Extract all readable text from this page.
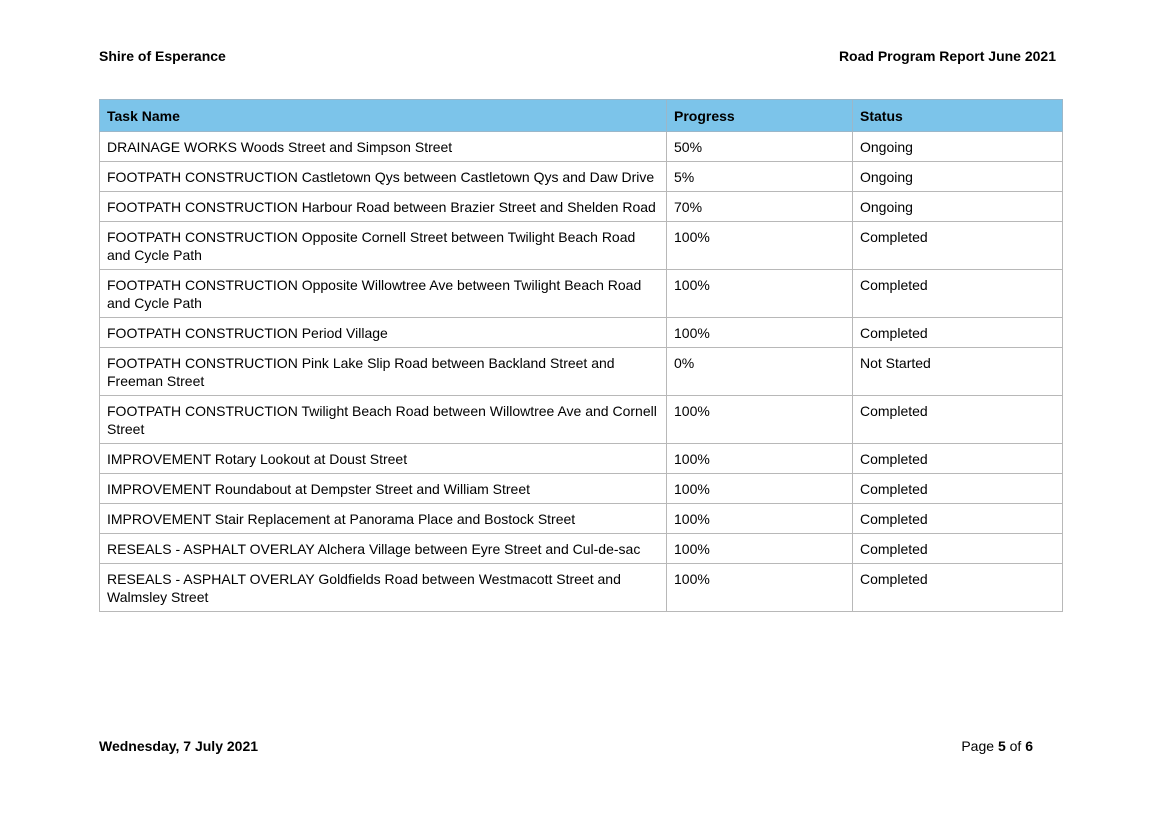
Shire of Esperance	Road Program Report June 2021
Task Name	Progress	Status
DRAINAGE WORKS Woods Street and Simpson Street	50%	Ongoing
FOOTPATH CONSTRUCTION Castletown Qys between Castletown Qys and Daw Drive	5%	Ongoing
FOOTPATH CONSTRUCTION Harbour Road between Brazier Street and Shelden Road	70%	Ongoing
FOOTPATH CONSTRUCTION Opposite Cornell Street between Twilight Beach Road and Cycle Path	100%	Completed
FOOTPATH CONSTRUCTION Opposite Willowtree Ave between Twilight Beach Road and Cycle Path	100%	Completed
FOOTPATH CONSTRUCTION Period Village	100%	Completed
FOOTPATH CONSTRUCTION Pink Lake Slip Road between Backland Street and Freeman Street	0%	Not Started
FOOTPATH CONSTRUCTION Twilight Beach Road between Willowtree Ave and Cornell Street	100%	Completed
IMPROVEMENT Rotary Lookout at Doust Street	100%	Completed
IMPROVEMENT Roundabout at Dempster Street and William Street	100%	Completed
IMPROVEMENT Stair Replacement at Panorama Place and Bostock Street	100%	Completed
RESEALS - ASPHALT OVERLAY Alchera Village between Eyre Street and Cul-de-sac	100%	Completed
RESEALS - ASPHALT OVERLAY Goldfields Road between Westmacott Street and Walmsley Street	100%	Completed
Wednesday, 7 July 2021	Page 5 of 6
